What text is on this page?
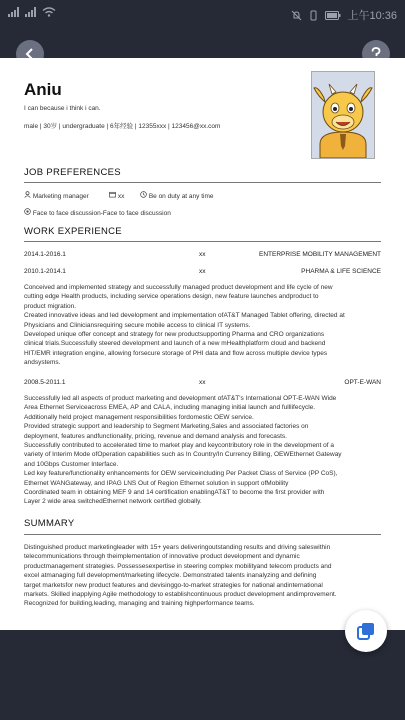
上午10:36
Aniu
I can because i think i can.
male | 30岁 | undergraduate | 6年经验 | 12355xxx | 123456@xx.com
JOB PREFERENCES
Marketing manager	xx	Be on duty at any time
Face to face discussion-Face to face discussion
WORK EXPERIENCE
2014.1-2016.1	xx	ENTERPRISE MOBILITY MANAGEMENT
2010.1-2014.1	xx	PHARMA & LIFE SCIENCE
Conceived and implemented strategy and successfully managed product development and life cycle of new
cutting edge Health products, including service operations design, new feature launches andproduct to
product migration.
Created innovative ideas and led development and implementation ofAT&T Managed Tablet offering, directed at
Physicians and Cliniciansrequiring secure mobile access to clinical IT systems.
Developed unique offer concept and strategy for new productsupporting Pharma and CRO organizations
clinical trials.Successfully steered development and launch of a new mHealthplatform cloud and backend
HIT/EMR integration engine, allowing forsecure storage of PHI data and flow across multiple device types
andsystems.
2008.5-2011.1	xx	OPT-E-WAN
Successfully led all aspects of product marketing and development ofAT&T's International OPT-E-WAN Wide
Area Ethernet Serviceacross EMEA, AP and CALA, including managing initial launch and fulllifecycle.
Additionally held project management responsibilities fordomestic OEW service.
Provided strategic support and leadership to Segment Marketing,Sales and associated factories on
deployment, features andfunctionality, pricing, revenue and demand analysis and forecasts.
Successfully contributed to accelerated time to market play and keycontributory role in the development of a
variety of Interim Mode ofOperation capabilities such as In Country/In Currency Billing, OEWEthernet Gateway
and 10Gbps Customer Interface.
Led key feature/functionality enhancements for OEW serviceincluding Per Packet Class of Service (PP CoS),
Ethernet WANGateway, and IPAG LNS Out of Region Ethernet solution in support ofMobility
Coordinated team in obtaining MEF 9 and 14 certification enablingAT&T to become the first provider with
Layer 2 wide area switchedEthernet network certified globally.
SUMMARY
Distinguished product marketingleader with 15+ years deliveringoutstanding results and driving saleswithin
telecommunications through theimplementation of innovative product development and dynamic
productmanagement strategies. Possessesexpertise in steering complex mobilityand telecom products and
excel atmanaging full development/marketing lifecycle. Demonstrated talents inanalyzing and defining
target marketsfor new product features and devisinggo-to-market strategies for national andinternational
markets. Skilled inapplying Agile methodology to establishcontinuous product development andimprovement.
Recognized for building,leading, managing and training highperformance teams.
